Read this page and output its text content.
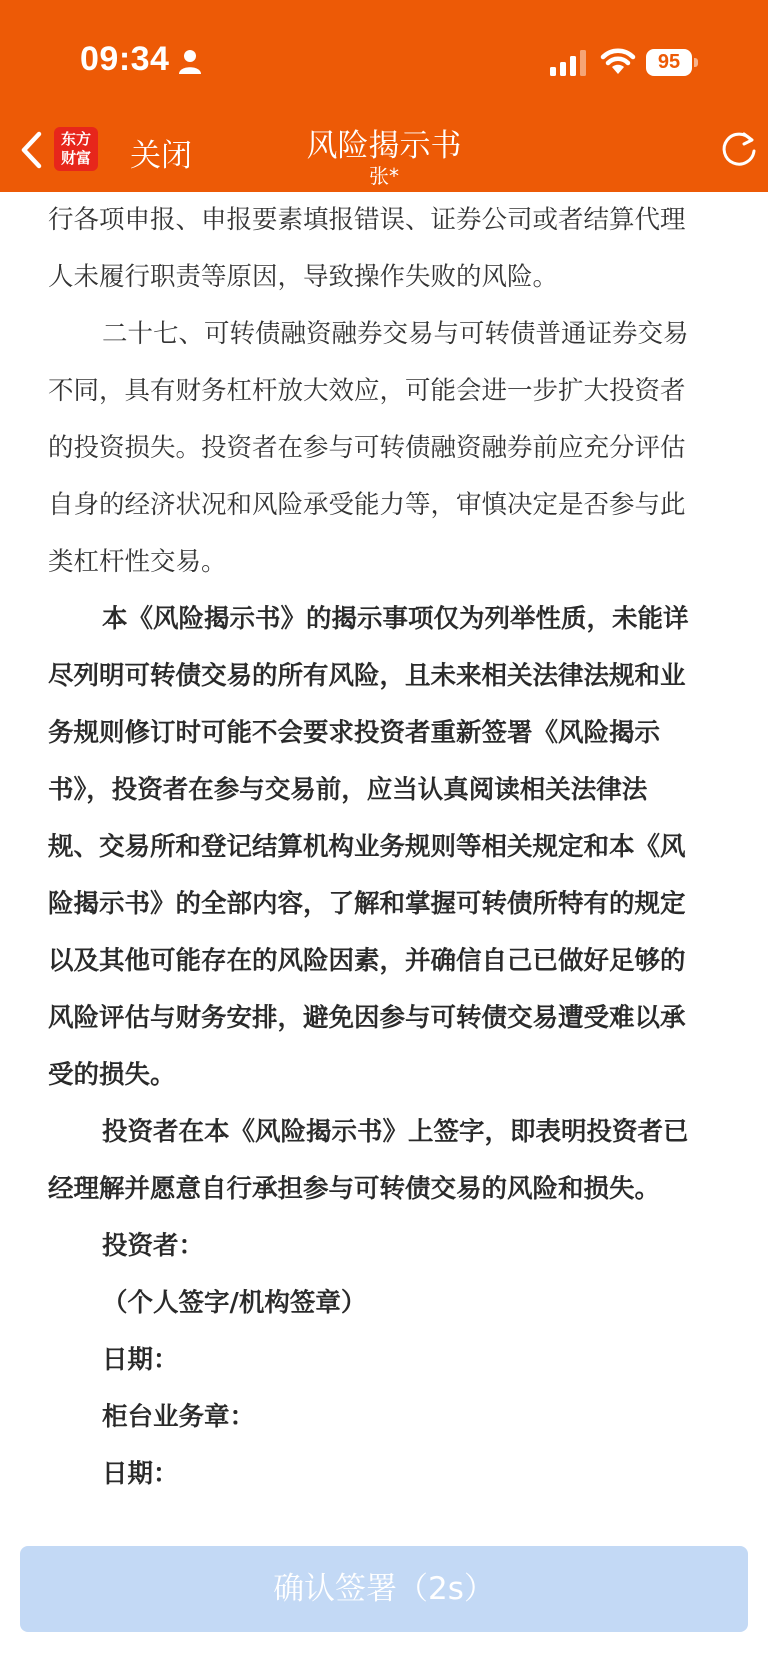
09:34	95
东方
财富 关闭	风险揭示书
张*
行各项申报、申报要素填报错误、证券公司或者结算代理
人未履行职责等原因，导致操作失败的风险。
二十七、可转债融资融券交易与可转债普通证券交易
不同，具有财务杠杆放大效应，可能会进一步扩大投资者
的投资损失。投资者在参与可转债融资融券前应充分评估
自身的经济状况和风险承受能力等，审慎决定是否参与此
类杠杆性交易。
本《风险揭示书》的揭示事项仅为列举性质，未能详
尽列明可转债交易的所有风险，且未来相关法律法规和业
务规则修订时可能不会要求投资者重新签署《风险揭示
书》，投资者在参与交易前，应当认真阅读相关法律法
规、交易所和登记结算机构业务规则等相关规定和本《风
险揭示书》的全部内容，了解和掌握可转债所特有的规定
以及其他可能存在的风险因素，并确信自己已做好足够的
风险评估与财务安排，避免因参与可转债交易遭受难以承
受的损失。
投资者在本《风险揭示书》上签字，即表明投资者已
经理解并愿意自行承担参与可转债交易的风险和损失。
投资者：
（个人签字/机构签章）
日期：
柜台业务章：
日期：
确认签署（2s）
